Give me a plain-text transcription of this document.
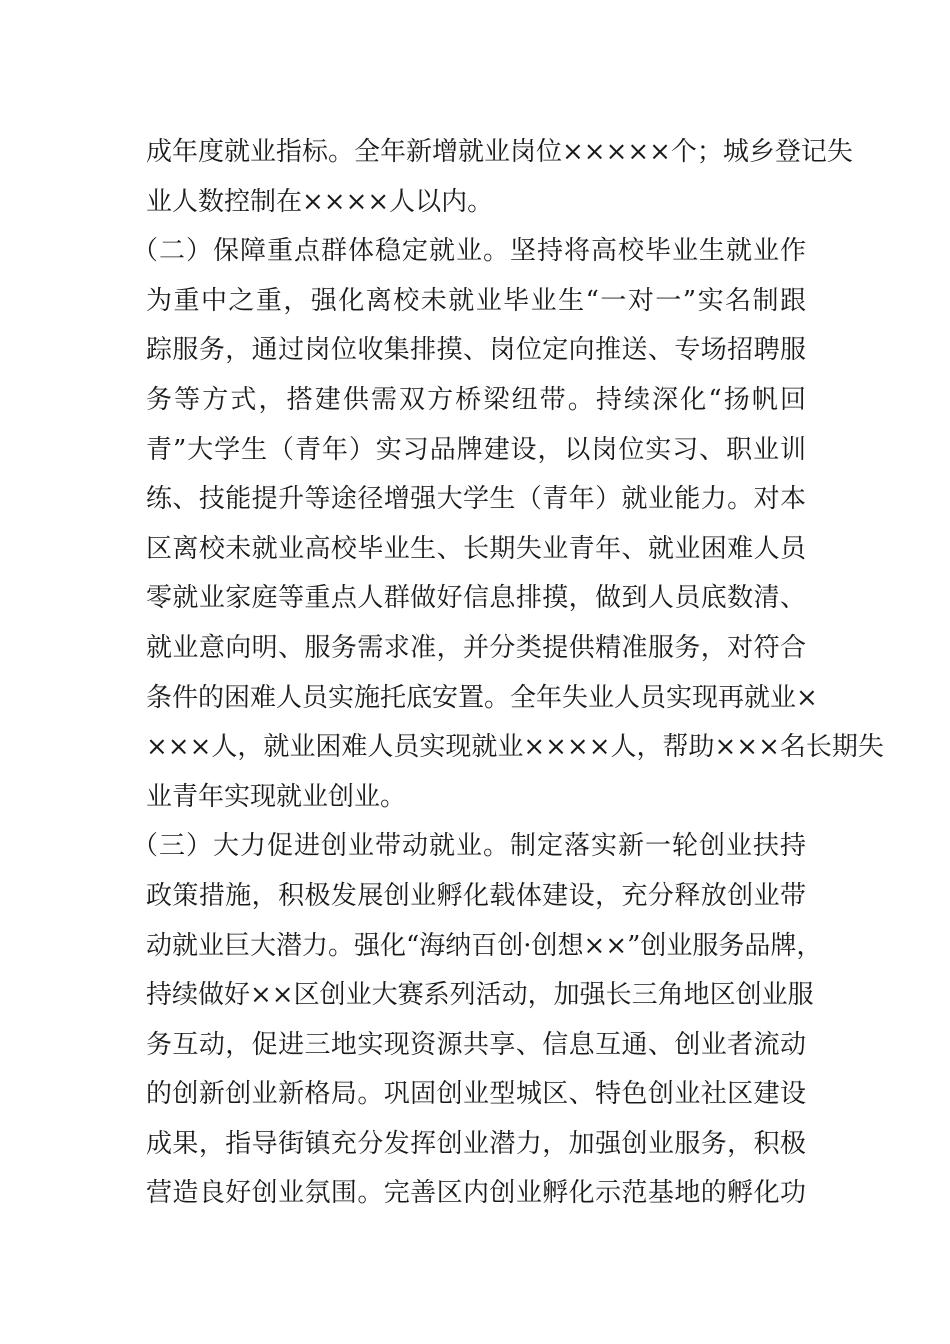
成年度就业指标。全年新增就业岗位×××××个；城乡登记失
业人数控制在××××人以内。
（二）保障重点群体稳定就业。坚持将高校毕业生就业作
为重中之重，强化离校未就业毕业生“一对一”实名制跟
踪服务，通过岗位收集排摸、岗位定向推送、专场招聘服
务等方式，搭建供需双方桥梁纽带。持续深化“扬帆回
青”大学生（青年）实习品牌建设，以岗位实习、职业训
练、技能提升等途径增强大学生（青年）就业能力。对本
区离校未就业高校毕业生、长期失业青年、就业困难人员
零就业家庭等重点人群做好信息排摸，做到人员底数清、
就业意向明、服务需求准，并分类提供精准服务，对符合
条件的困难人员实施托底安置。全年失业人员实现再就业×
×××人，就业困难人员实现就业××××人，帮助×××名长期失
业青年实现就业创业。
（三）大力促进创业带动就业。制定落实新一轮创业扶持
政策措施，积极发展创业孵化载体建设，充分释放创业带
动就业巨大潜力。强化“海纳百创·创想××”创业服务品牌，
持续做好××区创业大赛系列活动，加强长三角地区创业服
务互动，促进三地实现资源共享、信息互通、创业者流动
的创新创业新格局。巩固创业型城区、特色创业社区建设
成果，指导街镇充分发挥创业潜力，加强创业服务，积极
营造良好创业氛围。完善区内创业孵化示范基地的孵化功
